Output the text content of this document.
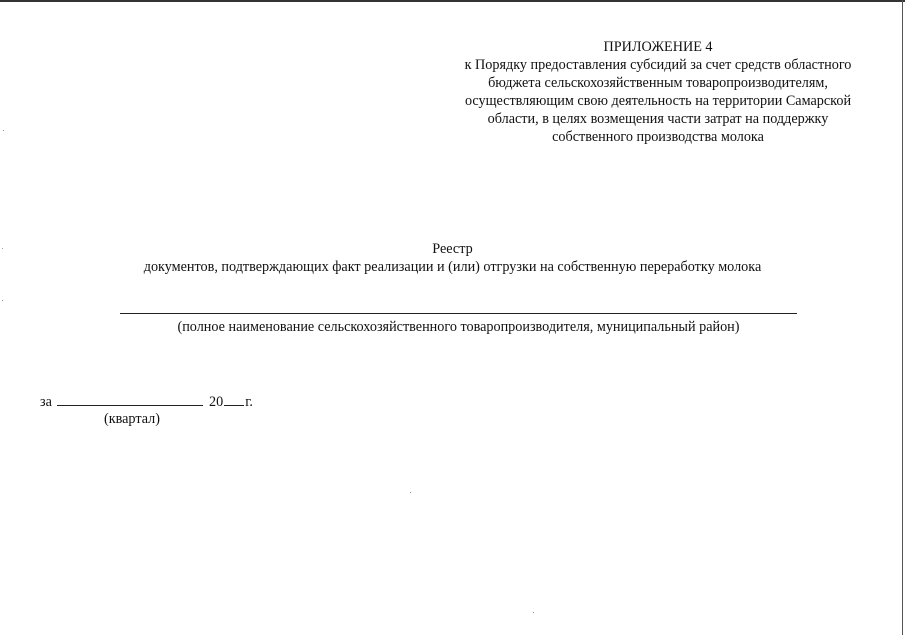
ПРИЛОЖЕНИЕ 4
к Порядку предоставления субсидий за счет средств областного
бюджета сельскохозяйственным товаропроизводителям,
осуществляющим свою деятельность на территории Самарской
области, в целях возмещения части затрат на поддержку
собственного производства молока
Реестр
документов, подтверждающих факт реализации и (или) отгрузки на собственную переработку молока
(полное наименование сельскохозяйственного товаропроизводителя, муниципальный район)
за	20 г.
(квартал)
